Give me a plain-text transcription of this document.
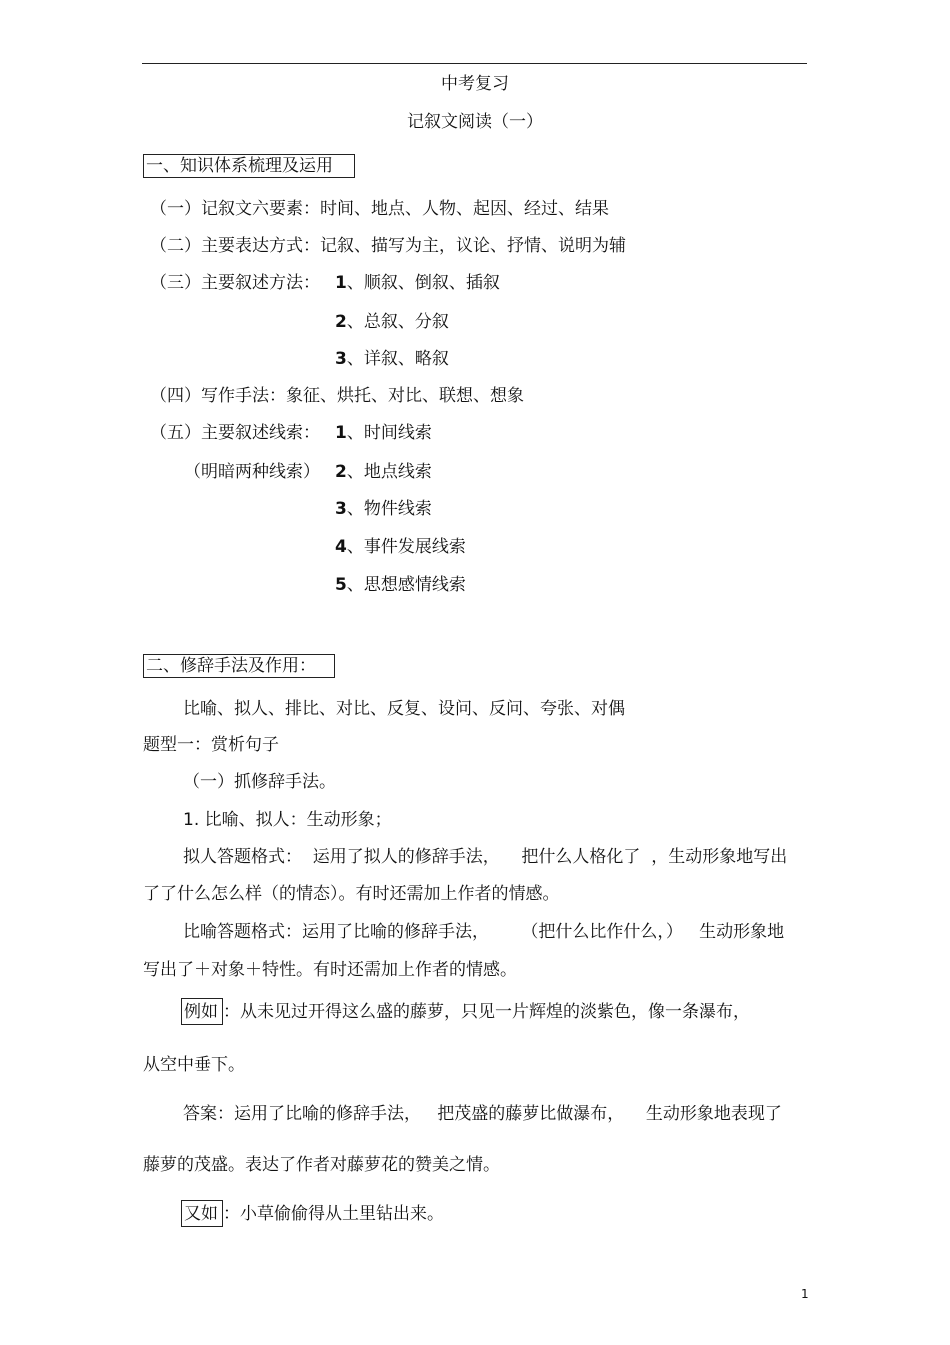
中考复习
记叙文阅读（一）
一、知识体系梳理及运用
（一）记叙文六要素：时间、地点、人物、起因、经过、结果
（二）主要表达方式：记叙、描写为主，议论、抒情、说明为辅
（三）主要叙述方法： 1、顺叙、倒叙、插叙
2、总叙、分叙
3、详叙、略叙
（四）写作手法：象征、烘托、对比、联想、想象
（五）主要叙述线索：
（明暗两种线索）
1、时间线索
2、地点线索
3、物件线索
4、事件发展线索
5、思想感情线索
二、修辞手法及作用：
比喻、拟人、排比、对比、反复、设问、反问、夸张、对偶
题型一：赏析句子
（一）抓修辞手法。
1. 比喻、拟人：生动形象；
拟人答题格式：  运用了拟人的修辞手法，    把什么人格化了  ，生动形象地写出
了了什么怎么样（的情态）。有时还需加上作者的情感。
比喻答题格式：运用了比喻的修辞手法，      （把什么比作什么，）   生动形象地
写出了＋对象＋特性。有时还需加上作者的情感。
例如 ：从未见过开得这么盛的藤萝，只见一片辉煌的淡紫色，像一条瀑布，
从空中垂下。
答案：运用了比喻的修辞手法，   把茂盛的藤萝比做瀑布，    生动形象地表现了
藤萝的茂盛。表达了作者对藤萝花的赞美之情。
又如 ：小草偷偷得从土里钻出来。
1
